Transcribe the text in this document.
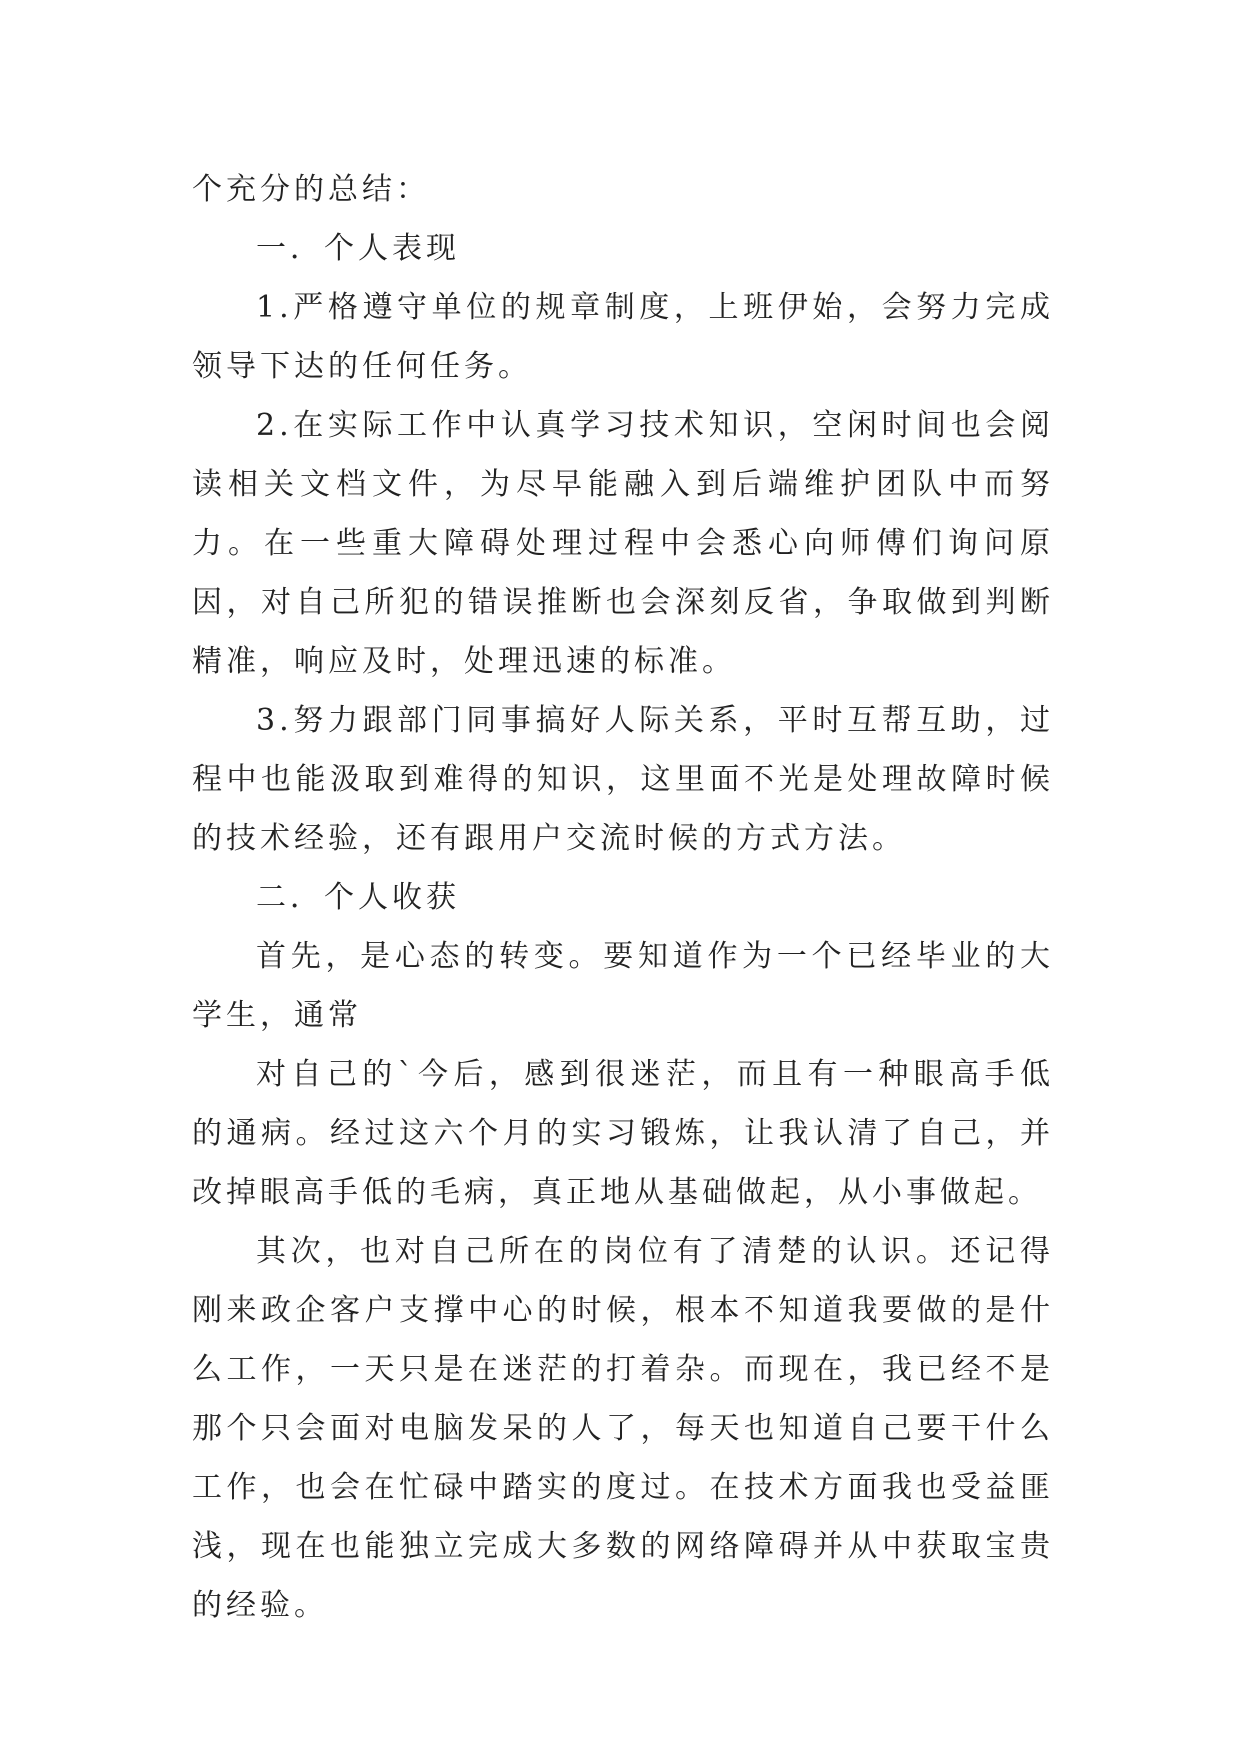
个充分的总结：

一．个人表现

1.严格遵守单位的规章制度，上班伊始，会努力完成领导下达的任何任务。

2.在实际工作中认真学习技术知识，空闲时间也会阅读相关文档文件，为尽早能融入到后端维护团队中而努力。在一些重大障碍处理过程中会悉心向师傅们询问原因，对自己所犯的错误推断也会深刻反省，争取做到判断精准，响应及时，处理迅速的标准。

3.努力跟部门同事搞好人际关系，平时互帮互助，过程中也能汲取到难得的知识，这里面不光是处理故障时候的技术经验，还有跟用户交流时候的方式方法。

二．个人收获

首先，是心态的转变。要知道作为一个已经毕业的大学生，通常

对自己的`今后，感到很迷茫，而且有一种眼高手低的通病。经过这六个月的实习锻炼，让我认清了自己，并改掉眼高手低的毛病，真正地从基础做起，从小事做起。

其次，也对自己所在的岗位有了清楚的认识。还记得刚来政企客户支撑中心的时候，根本不知道我要做的是什么工作，一天只是在迷茫的打着杂。而现在，我已经不是那个只会面对电脑发呆的人了，每天也知道自己要干什么工作，也会在忙碌中踏实的度过。在技术方面我也受益匪浅，现在也能独立完成大多数的网络障碍并从中获取宝贵的经验。
